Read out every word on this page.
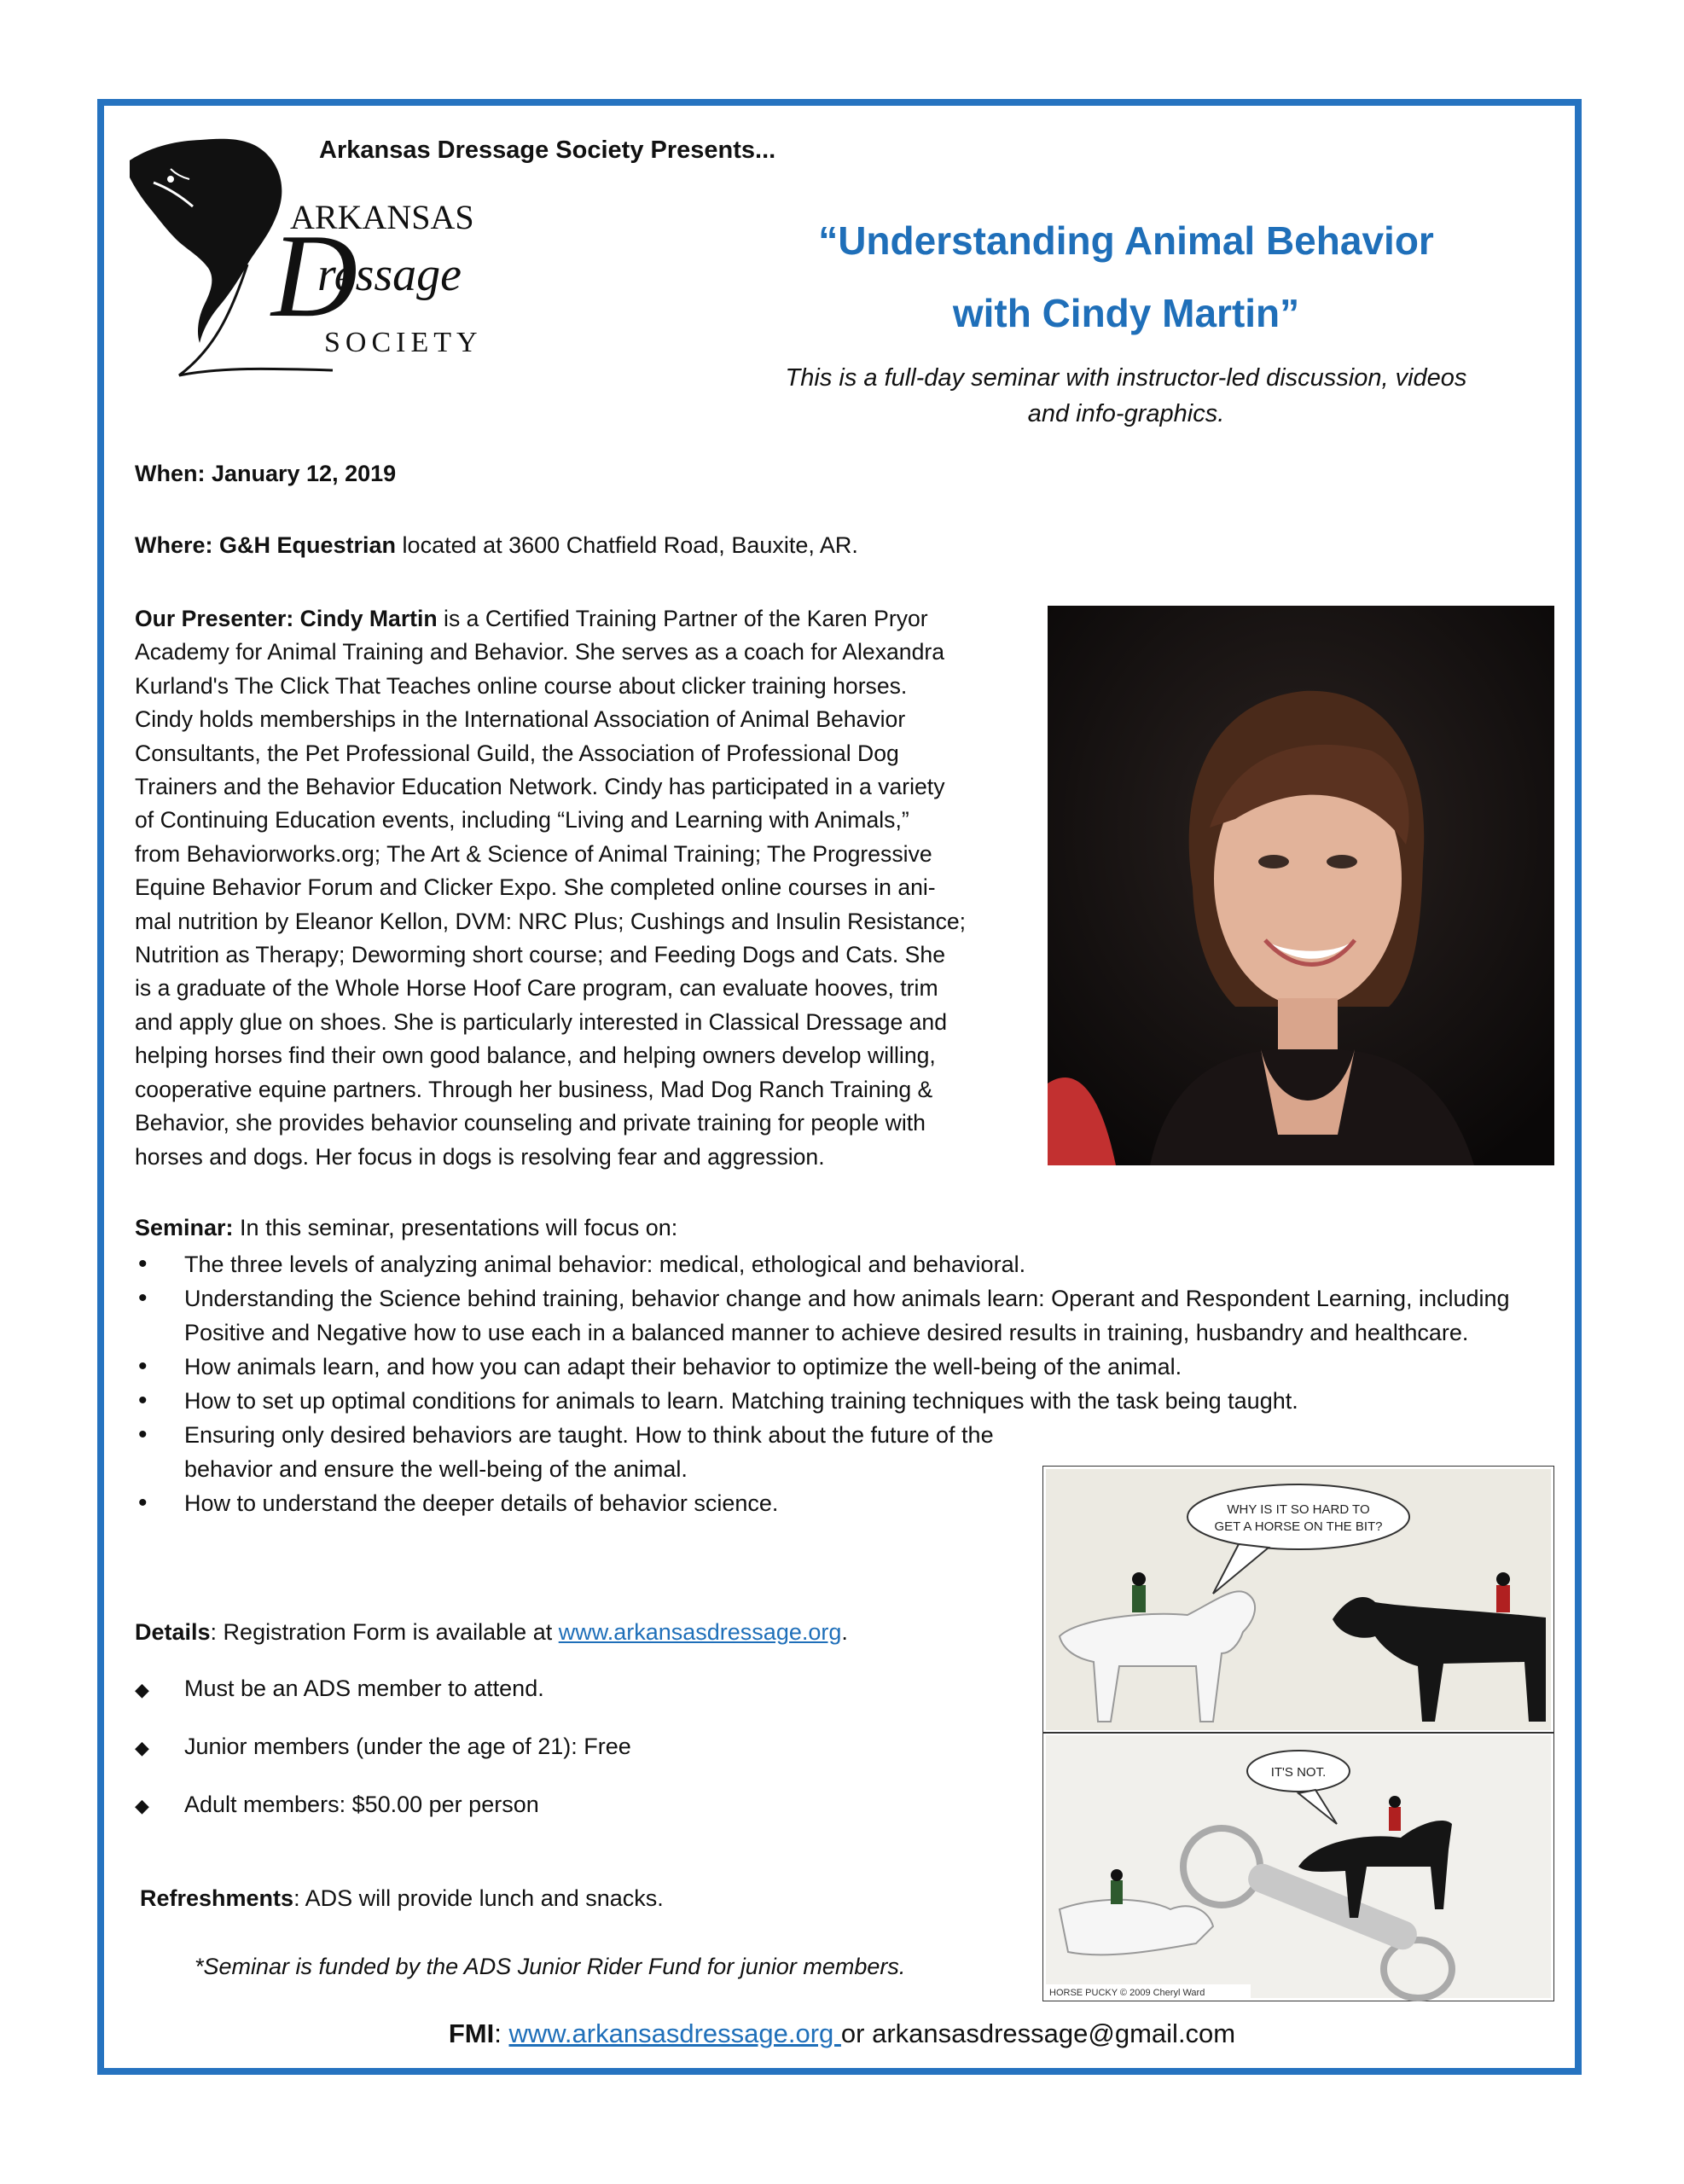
ARKANSAS
D
ressage
SOCIETY
Arkansas Dressage Society Presents...
“Understanding Animal Behavior
with Cindy Martin”
This is a full-day seminar with instructor-led discussion, videos
and info-graphics.
When: January 12, 2019
Where: G&H Equestrian located at 3600 Chatfield Road, Bauxite, AR.
Our Presenter: Cindy Martin is a Certified Training Partner of the Karen Pryor
Academy for Animal Training and Behavior. She serves as a coach for Alexandra
Kurland's The Click That Teaches online course about clicker training horses.
Cindy holds memberships in the International Association of Animal Behavior
Consultants, the Pet Professional Guild, the Association of Professional Dog
Trainers and the Behavior Education Network. Cindy has participated in a variety
of Continuing Education events, including “Living and Learning with Animals,”
from Behaviorworks.org; The Art & Science of Animal Training; The Progressive
Equine Behavior Forum and Clicker Expo. She completed online courses in ani-
mal nutrition by Eleanor Kellon, DVM: NRC Plus; Cushings and Insulin Resistance;
Nutrition as Therapy; Deworming short course; and Feeding Dogs and Cats. She
is a graduate of the Whole Horse Hoof Care program, can evaluate hooves, trim
and apply glue on shoes. She is particularly interested in Classical Dressage and
helping horses find their own good balance, and helping owners develop willing,
cooperative equine partners. Through her business, Mad Dog Ranch Training &
Behavior, she provides behavior counseling and private training for people with
horses and dogs. Her focus in dogs is resolving fear and aggression.
Seminar: In this seminar, presentations will focus on:
• The three levels of analyzing animal behavior: medical, ethological and behavioral.
• Understanding the Science behind training, behavior change and how animals learn: Operant and Respondent Learning, including Positive and Negative how to use each in a balanced manner to achieve desired results in training, husbandry and healthcare.
• How animals learn, and how you can adapt their behavior to optimize the well-being of the animal.
• How to set up optimal conditions for animals to learn. Matching training techniques with the task being taught.
• Ensuring only desired behaviors are taught. How to think about the future of the behavior and ensure the well-being of the animal.
• How to understand the deeper details of behavior science.	WHY IS IT SO HARD TO
GET A HORSE ON THE BIT?
IT'S NOT.
HORSE PUCKY © 2009 Cheryl Ward
Details: Registration Form is available at www.arkansasdressage.org.
◆ Must be an ADS member to attend.
◆ Junior members (under the age of 21): Free
◆ Adult members: $50.00 per person
Refreshments: ADS will provide lunch and snacks.
*Seminar is funded by the ADS Junior Rider Fund for junior members.
FMI: www.arkansasdressage.org or arkansasdressage@gmail.com
